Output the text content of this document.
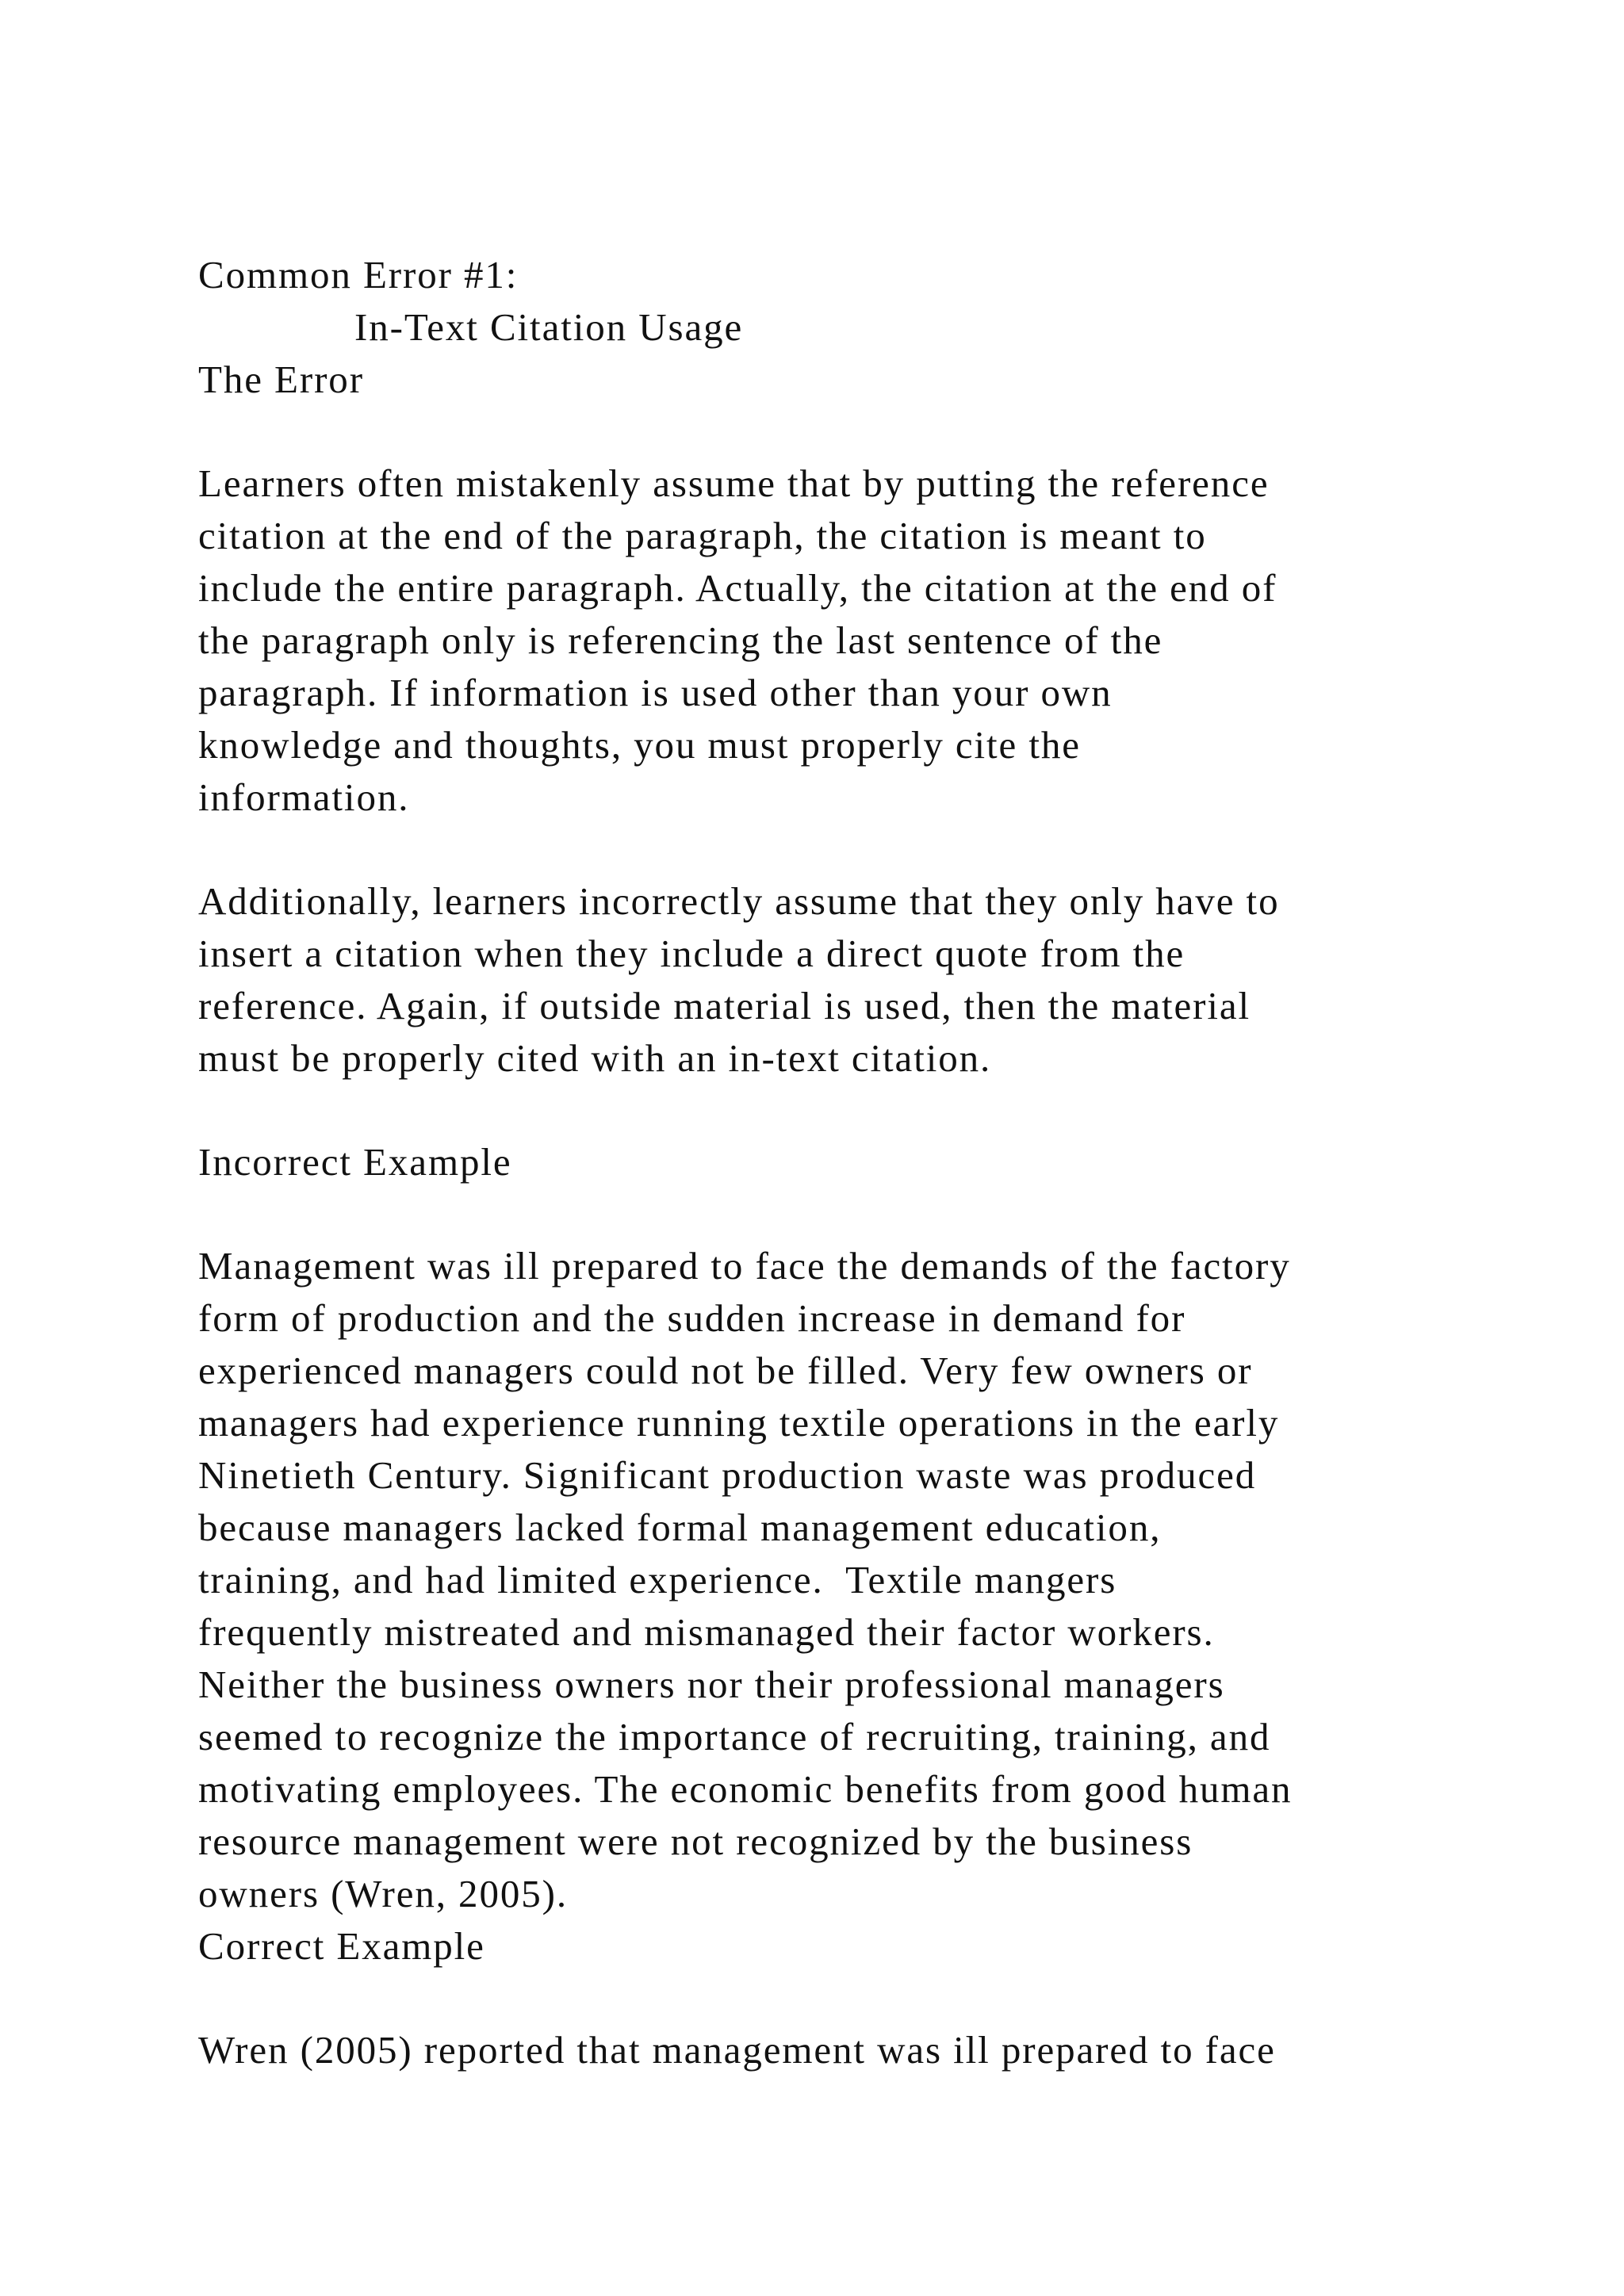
Common Error #1:

In-Text Citation Usage

The Error

Learners often mistakenly assume that by putting the reference

citation at the end of the paragraph, the citation is meant to

include the entire paragraph. Actually, the citation at the end of

the paragraph only is referencing the last sentence of the

paragraph. If information is used other than your own

knowledge and thoughts, you must properly cite the

information.

Additionally, learners incorrectly assume that they only have to

insert a citation when they include a direct quote from the

reference. Again, if outside material is used, then the material

must be properly cited with an in-text citation.

Incorrect Example

Management was ill prepared to face the demands of the factory

form of production and the sudden increase in demand for

experienced managers could not be filled. Very few owners or

managers had experience running textile operations in the early

Ninetieth Century. Significant production waste was produced

because managers lacked formal management education,

training, and had limited experience.  Textile mangers

frequently mistreated and mismanaged their factor workers.

Neither the business owners nor their professional managers

seemed to recognize the importance of recruiting, training, and

motivating employees. The economic benefits from good human

resource management were not recognized by the business

owners (Wren, 2005).

Correct Example

Wren (2005) reported that management was ill prepared to face
